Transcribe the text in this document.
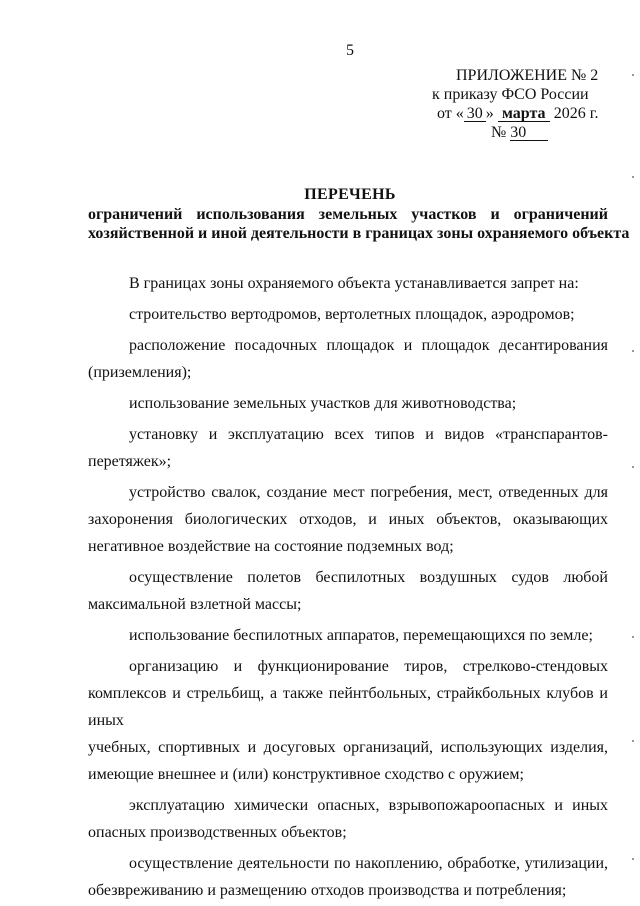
5
ПРИЛОЖЕНИЕ № 2
к приказу ФСО России
от « 30 » марта 2026 г.
№ 30
ПЕРЕЧЕНЬ
ограничений использования земельных участков и ограничений
хозяйственной и иной деятельности в границах зоны охраняемого объекта
В границах зоны охраняемого объекта устанавливается запрет на:
строительство вертодромов, вертолетных площадок, аэродромов;
расположение посадочных площадок и площадок десантирования
(приземления);
использование земельных участков для животноводства;
установку и эксплуатацию всех типов и видов «транспарантов-
перетяжек»;
устройство свалок, создание мест погребения, мест, отведенных для
захоронения биологических отходов, и иных объектов, оказывающих
негативное воздействие на состояние подземных вод;
осуществление полетов беспилотных воздушных судов любой
максимальной взлетной массы;
использование беспилотных аппаратов, перемещающихся по земле;
организацию и функционирование тиров, стрелково-стендовых
комплексов и стрельбищ, а также пейнтбольных, страйкбольных клубов и иных
учебных, спортивных и досуговых организаций, использующих изделия,
имеющие внешнее и (или) конструктивное сходство с оружием;
эксплуатацию химически опасных, взрывопожароопасных и иных
опасных производственных объектов;
осуществление деятельности по накоплению, обработке, утилизации,
обезвреживанию и размещению отходов производства и потребления;
